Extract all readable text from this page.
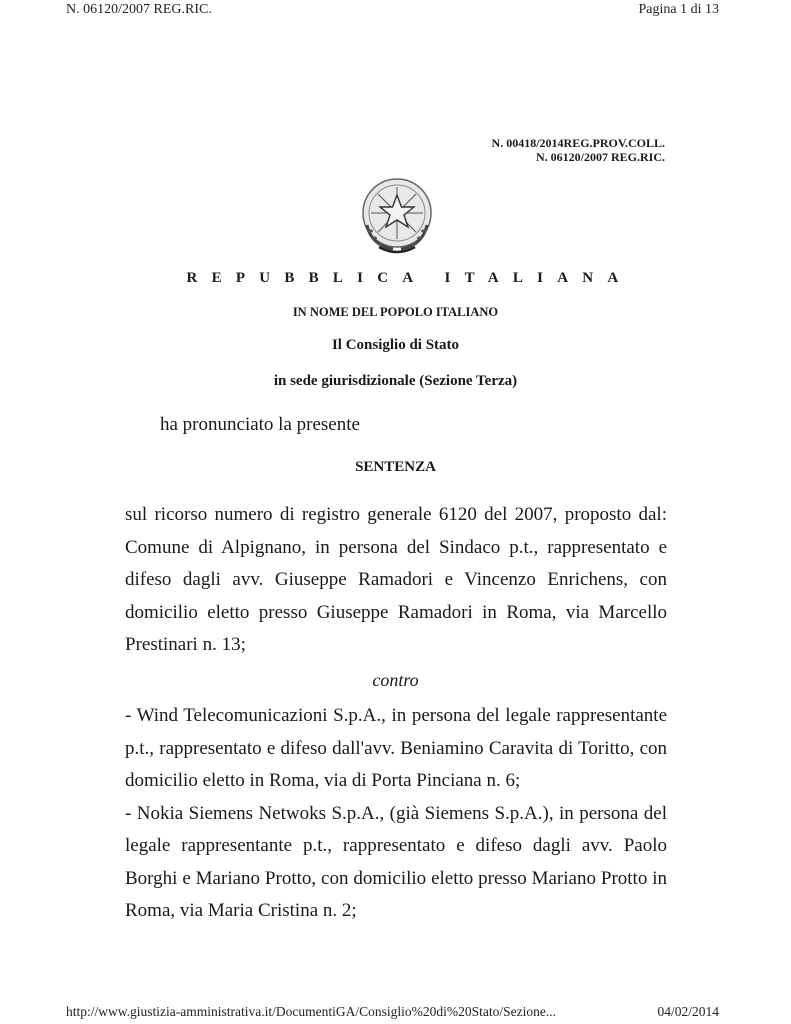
N. 06120/2007 REG.RIC.	Pagina 1 di 13
N. 00418/2014REG.PROV.COLL.
N. 06120/2007 REG.RIC.
REPUBBLICA ITALIANA
IN NOME DEL POPOLO ITALIANO
Il Consiglio di Stato
in sede giurisdizionale (Sezione Terza)
ha pronunciato la presente
SENTENZA

sul ricorso numero di registro generale 6120 del 2007, proposto dal: Comune di Alpignano, in persona del Sindaco p.t., rappresentato e difeso dagli avv. Giuseppe Ramadori e Vincenzo Enrichens, con domicilio eletto presso Giuseppe Ramadori in Roma, via Marcello Prestinari n. 13;

contro

- Wind Telecomunicazioni S.p.A., in persona del legale rappresentante p.t., rappresentato e difeso dall'avv. Beniamino Caravita di Toritto, con domicilio eletto in Roma, via di Porta Pinciana n. 6;

- Nokia Siemens Netwoks S.p.A., (già Siemens S.p.A.), in persona del legale rappresentante p.t., rappresentato e difeso dagli avv. Paolo Borghi e Mariano Protto, con domicilio eletto presso Mariano Protto in Roma, via Maria Cristina n. 2;

http://www.giustizia-amministrativa.it/DocumentiGA/Consiglio%20di%20Stato/Sezione...	04/02/2014
